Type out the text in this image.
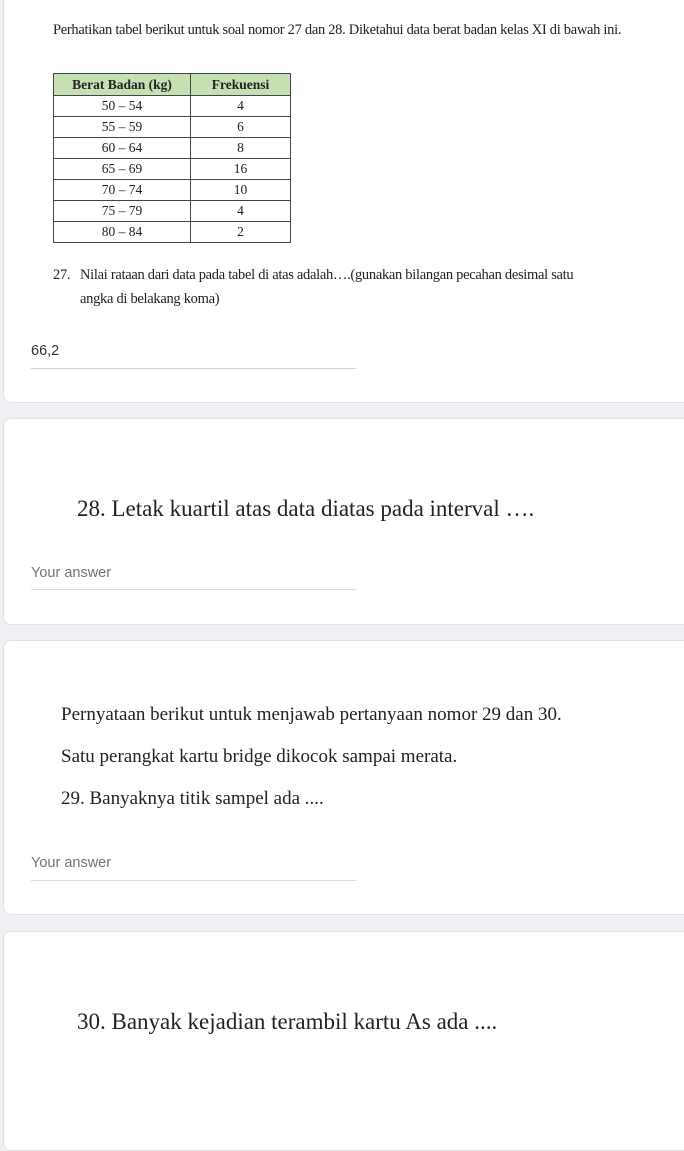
Perhatikan tabel berikut untuk soal nomor 27 dan 28. Diketahui data berat badan kelas XI di bawah ini.
Berat Badan (kg)	Frekuensi
50 – 54	4
55 – 59	6
60 – 64	8
65 – 69	16
70 – 74	10
75 – 79	4
80 – 84	2
27. Nilai rataan dari data pada tabel di atas adalah….(gunakan bilangan pecahan desimal satu
angka di belakang koma)
66,2
28. Letak kuartil atas data diatas pada interval ….
Your answer
Pernyataan berikut untuk menjawab pertanyaan nomor 29 dan 30.
Satu perangkat kartu bridge dikocok sampai merata.
29. Banyaknya titik sampel ada ....
Your answer
30. Banyak kejadian terambil kartu As ada ....
